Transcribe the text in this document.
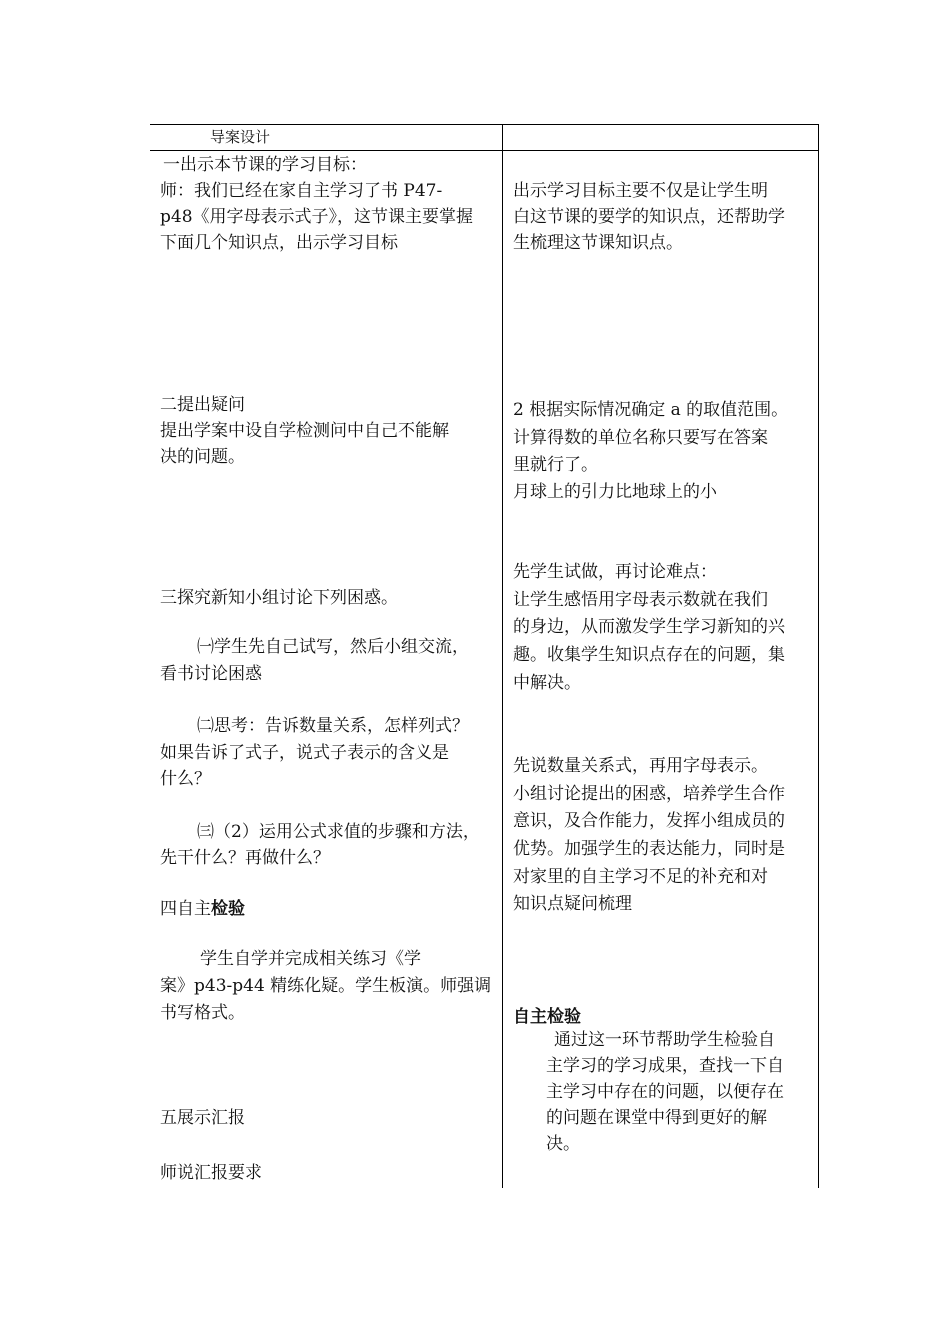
导案设计
一出示本节课的学习目标：
师：我们已经在家自主学习了书 P47-
p48《用字母表示式子》，这节课主要掌握
下面几个知识点，出示学习目标
二提出疑问
提出学案中设自学检测问中自己不能解
决的问题。
三探究新知小组讨论下列困惑。
㈠学生先自己试写，然后小组交流，
看书讨论困惑
㈡思考：告诉数量关系，怎样列式？
如果告诉了式子，说式子表示的含义是
什么？
㈢（2）运用公式求值的步骤和方法，
先干什么？再做什么？
四自主检验
学生自学并完成相关练习《学
案》p43-p44 精练化疑。学生板演。师强调
书写格式。
五展示汇报
师说汇报要求
出示学习目标主要不仅是让学生明
白这节课的要学的知识点，还帮助学
生梳理这节课知识点。
2 根据实际情况确定 a 的取值范围。
计算得数的单位名称只要写在答案
里就行了。
月球上的引力比地球上的小
先学生试做，再讨论难点：
让学生感悟用字母表示数就在我们
的身边，从而激发学生学习新知的兴
趣。收集学生知识点存在的问题，集
中解决。
先说数量关系式，再用字母表示。
小组讨论提出的困惑，培养学生合作
意识，及合作能力，发挥小组成员的
优势。加强学生的表达能力，同时是
对家里的自主学习不足的补充和对
知识点疑问梳理
自主检验
通过这一环节帮助学生检验自
主学习的学习成果，查找一下自
主学习中存在的问题，以便存在
的问题在课堂中得到更好的解
决。
